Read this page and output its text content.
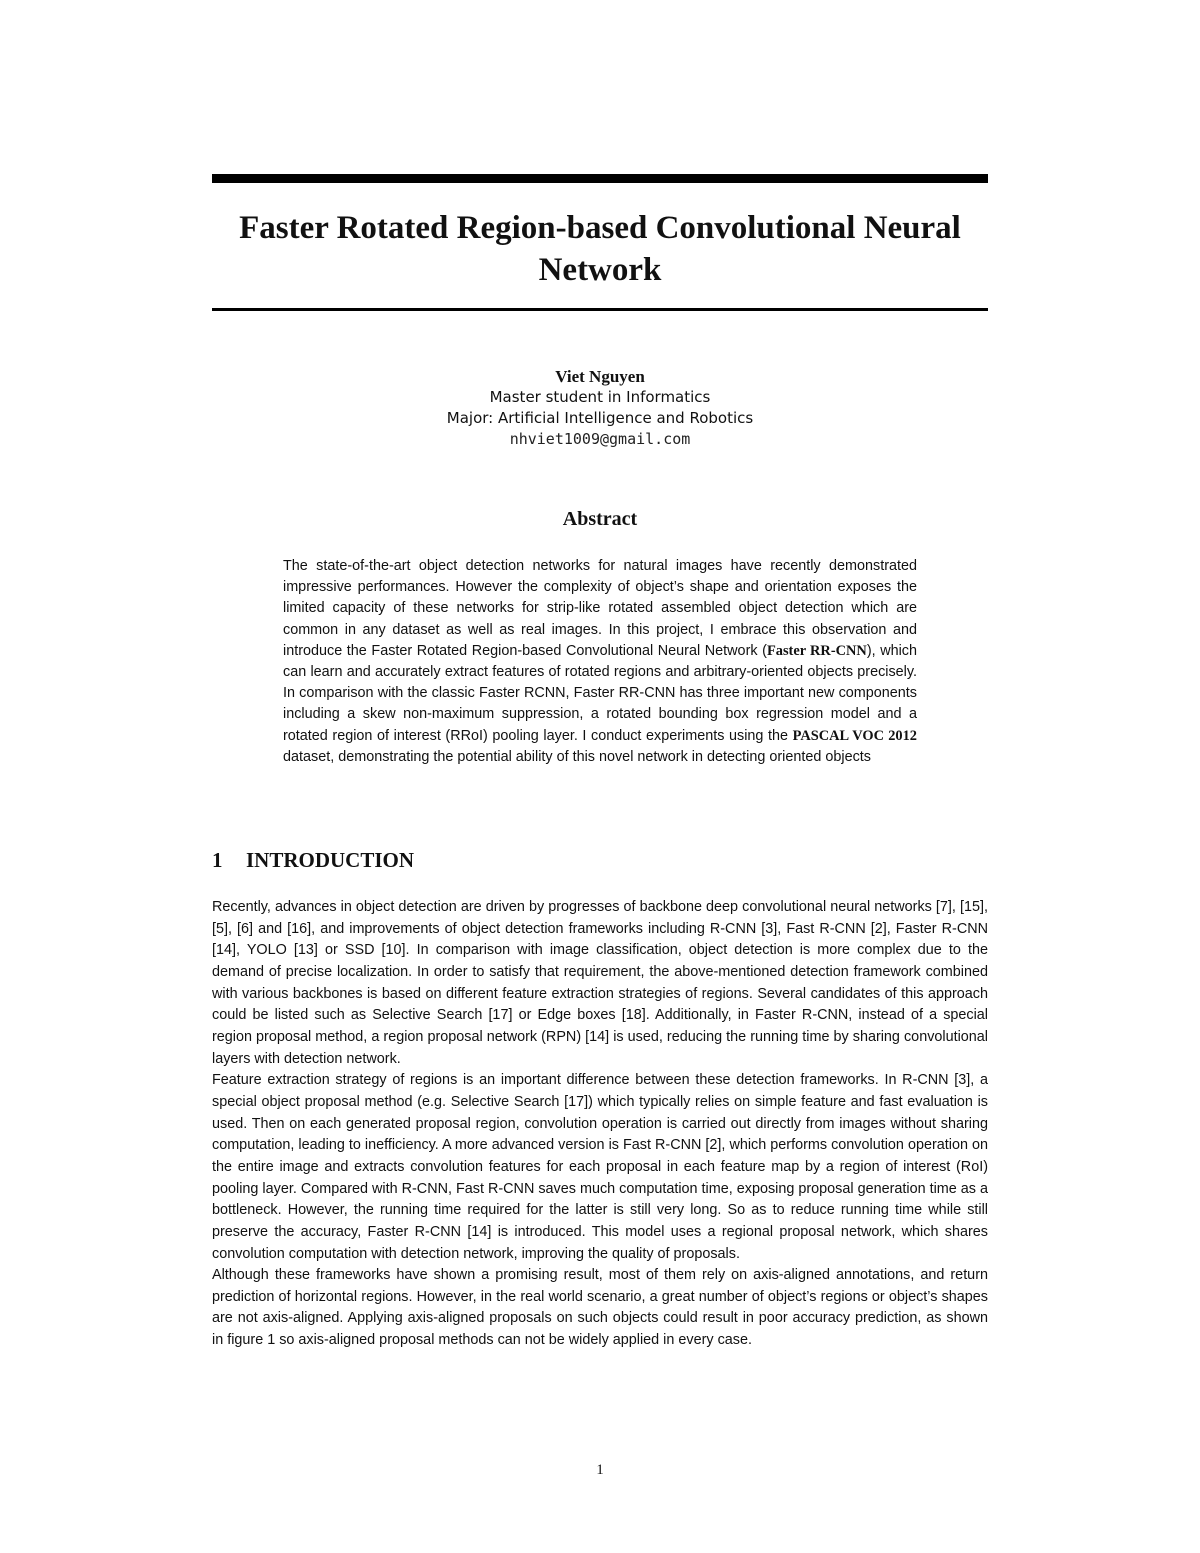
Faster Rotated Region-based Convolutional Neural Network
Viet Nguyen
Master student in Informatics
Major: Artificial Intelligence and Robotics
nhviet1009@gmail.com
Abstract

The state-of-the-art object detection networks for natural images have recently demonstrated impressive performances. However the complexity of object’s shape and orientation exposes the limited capacity of these networks for strip-like rotated assembled object detection which are common in any dataset as well as real images. In this project, I embrace this observation and introduce the Faster Rotated Region-based Convolutional Neural Network (Faster RR-CNN), which can learn and accurately extract features of rotated regions and arbitrary-oriented objects precisely. In comparison with the classic Faster RCNN, Faster RR-CNN has three important new components including a skew non-maximum suppression, a rotated bounding box regression model and a rotated region of interest (RRoI) pooling layer. I conduct experiments using the PASCAL VOC 2012 dataset, demonstrating the potential ability of this novel network in detecting oriented objects

1 INTRODUCTION

Recently, advances in object detection are driven by progresses of backbone deep convolutional neural networks [7], [15], [5], [6] and [16], and improvements of object detection frameworks including R-CNN [3], Fast R-CNN [2], Faster R-CNN [14], YOLO [13] or SSD [10]. In comparison with image classification, object detection is more complex due to the demand of precise localization. In order to satisfy that requirement, the above-mentioned detection framework combined with various backbones is based on different feature extraction strategies of regions. Several candidates of this approach could be listed such as Selective Search [17] or Edge boxes [18]. Additionally, in Faster R-CNN, instead of a special region proposal method, a region proposal network (RPN) [14] is used, reducing the running time by sharing convolutional layers with detection network.

Feature extraction strategy of regions is an important difference between these detection frameworks. In R-CNN [3], a special object proposal method (e.g. Selective Search [17]) which typically relies on simple feature and fast evaluation is used. Then on each generated proposal region, convolution operation is carried out directly from images without sharing computation, leading to inefficiency. A more advanced version is Fast R-CNN [2], which performs convolution operation on the entire image and extracts convolution features for each proposal in each feature map by a region of interest (RoI) pooling layer. Compared with R-CNN, Fast R-CNN saves much computation time, exposing proposal generation time as a bottleneck. However, the running time required for the latter is still very long. So as to reduce running time while still preserve the accuracy, Faster R-CNN [14] is introduced. This model uses a regional proposal network, which shares convolution computation with detection network, improving the quality of proposals.

Although these frameworks have shown a promising result, most of them rely on axis-aligned annotations, and return prediction of horizontal regions. However, in the real world scenario, a great number of object’s regions or object’s shapes are not axis-aligned. Applying axis-aligned proposals on such objects could result in poor accuracy prediction, as shown in figure 1 so axis-aligned proposal methods can not be widely applied in every case.

1
